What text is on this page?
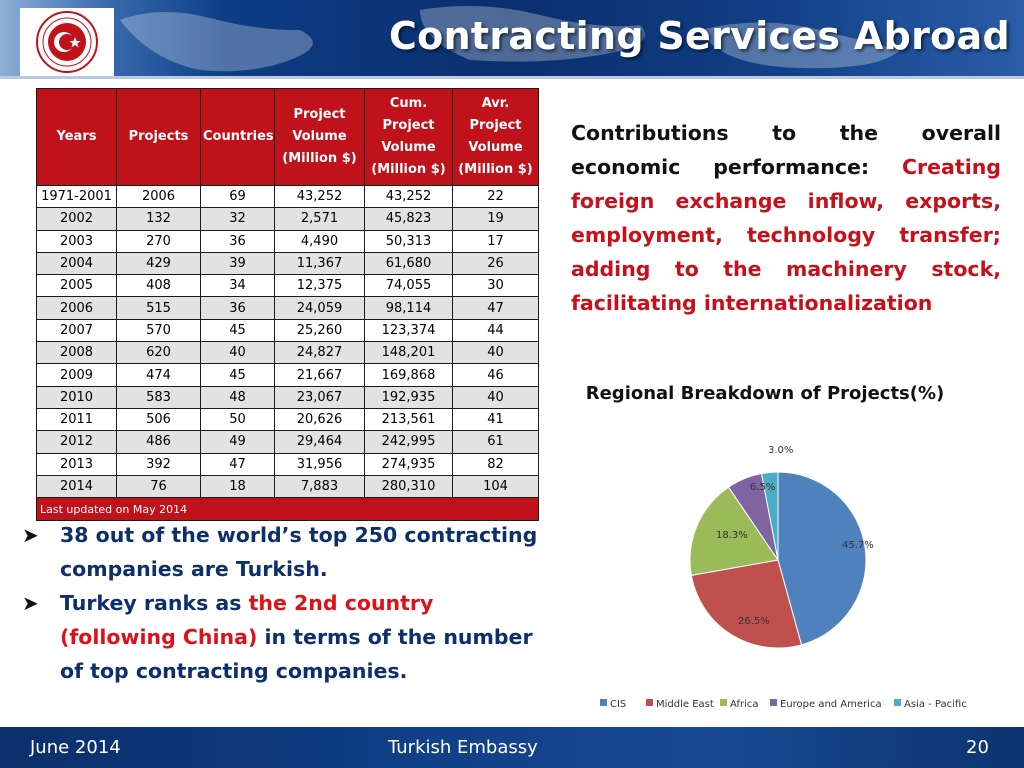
Contracting Services Abroad
Years	Projects	Countries	Project Volume (Million $)	Cum. Project Volume (Million $)	Avr. Project Volume (Million $)
1971-2001	2006	69	43,252	43,252	22
2002	132	32	2,571	45,823	19
2003	270	36	4,490	50,313	17
2004	429	39	11,367	61,680	26
2005	408	34	12,375	74,055	30
2006	515	36	24,059	98,114	47
2007	570	45	25,260	123,374	44
2008	620	40	24,827	148,201	40
2009	474	45	21,667	169,868	46
2010	583	48	23,067	192,935	40
2011	506	50	20,626	213,561	41
2012	486	49	29,464	242,995	61
2013	392	47	31,956	274,935	82
2014	76	18	7,883	280,310	104
Last updated on May 2014					
Contributions to the overall economic performance: Creating foreign exchange inflow, exports, employment, technology transfer; adding to the machinery stock, facilitating internationalization
Regional Breakdown of Projects(%)
45.7%
26.5%
18.3%
6.5%
3.0%
CIS	Middle East Africa Europe and America Asia - Pacific
➤ 38 out of the world’s top 250 contracting companies are Turkish.
➤ Turkey ranks as the 2nd country (following China) in terms of the number of top contracting companies.
June 2014	Turkish Embassy	20
